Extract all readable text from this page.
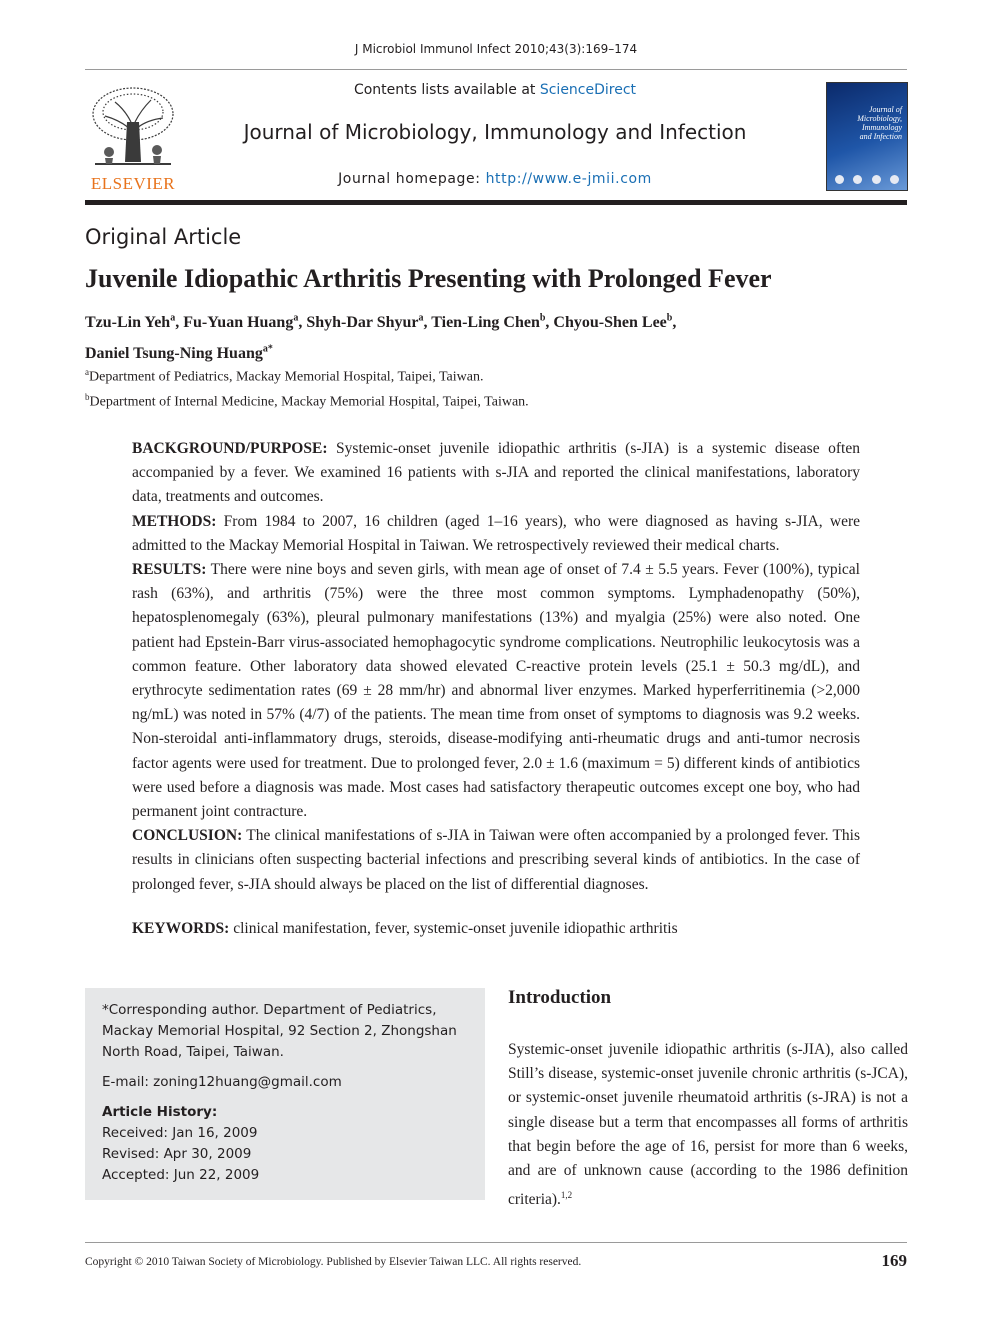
J Microbiol Immunol Infect 2010;43(3):169–174
ELSEVIER
Contents lists available at ScienceDirect
Journal of Microbiology, Immunology and Infection
Journal homepage: http://www.e-jmii.com
Journal of
Microbiology,
Immunology
and Infection
Original Article
Juvenile Idiopathic Arthritis Presenting with Prolonged Fever
Tzu-Lin Yeh$^a$, Fu-Yuan Huang$^a$, Shyh-Dar Shyur$^a$, Tien-Ling Chen$^b$, Chyou-Shen Lee$^b$,
Daniel Tsung-Ning Huang$^{a*}$
$^a$Department of Pediatrics, Mackay Memorial Hospital, Taipei, Taiwan.
$^b$Department of Internal Medicine, Mackay Memorial Hospital, Taipei, Taiwan.

BACKGROUND/PURPOSE: Systemic-onset juvenile idiopathic arthritis (s-JIA) is a systemic disease often accompanied by a fever. We examined 16 patients with s-JIA and reported the clinical manifestations, laboratory data, treatments and outcomes.

METHODS: From 1984 to 2007, 16 children (aged 1–16 years), who were diagnosed as having s-JIA, were admitted to the Mackay Memorial Hospital in Taiwan. We retrospectively reviewed their medical charts.

RESULTS: There were nine boys and seven girls, with mean age of onset of 7.4 ± 5.5 years. Fever (100%), typical rash (63%), and arthritis (75%) were the three most common symptoms. Lymphadenopathy (50%), hepatosplenomegaly (63%), pleural pulmonary manifestations (13%) and myalgia (25%) were also noted. One patient had Epstein-Barr virus-associated hemophagocytic syndrome complications. Neutrophilic leukocytosis was a common feature. Other laboratory data showed elevated C-reactive protein levels (25.1 ± 50.3 mg/dL), and erythrocyte sedimentation rates (69 ± 28 mm/hr) and abnormal liver enzymes. Marked hyperferritinemia (>2,000 ng/mL) was noted in 57% (4/7) of the patients. The mean time from onset of symptoms to diagnosis was 9.2 weeks. Non-steroidal anti-inflammatory drugs, steroids, disease-modifying anti-rheumatic drugs and anti-tumor necrosis factor agents were used for treatment. Due to prolonged fever, 2.0 ± 1.6 (maximum = 5) different kinds of antibiotics were used before a diagnosis was made. Most cases had satisfactory therapeutic outcomes except one boy, who had permanent joint contracture.

CONCLUSION: The clinical manifestations of s-JIA in Taiwan were often accompanied by a prolonged fever. This results in clinicians often suspecting bacterial infections and prescribing several kinds of antibiotics. In the case of prolonged fever, s-JIA should always be placed on the list of differential diagnoses.

KEYWORDS: clinical manifestation, fever, systemic-onset juvenile idiopathic arthritis

*Corresponding author. Department of Pediatrics, Mackay Memorial Hospital, 92 Section 2, Zhongshan North Road, Taipei, Taiwan.

E-mail: zoning12huang@gmail.com

Article History:

Received: Jan 16, 2009

Revised: Apr 30, 2009

Accepted: Jun 22, 2009

Introduction
Systemic-onset juvenile idiopathic arthritis (s-JIA), also called Still’s disease, systemic-onset juvenile chronic arthritis (s-JCA), or systemic-onset juvenile rheumatoid arthritis (s-JRA) is not a single disease but a term that encompasses all forms of arthritis that begin before the age of 16, persist for more than 6 weeks, and are of unknown cause (according to the 1986 definition criteria).$^{1,2}$
Copyright © 2010 Taiwan Society of Microbiology. Published by Elsevier Taiwan LLC. All rights reserved.	169
